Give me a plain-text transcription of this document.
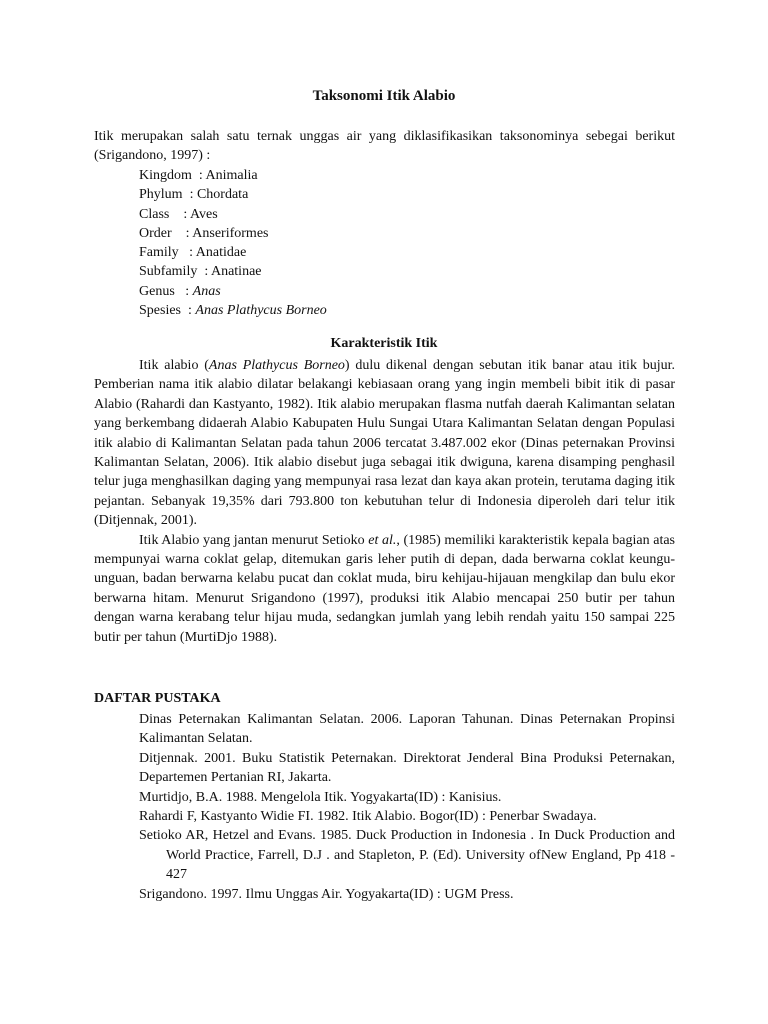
Taksonomi Itik Alabio
Itik merupakan salah satu ternak unggas air yang diklasifikasikan taksonominya sebegai berikut (Srigandono, 1997) :
Kingdom  : Animalia
Phylum  : Chordata
Class    : Aves
Order    : Anseriformes
Family   : Anatidae
Subfamily  : Anatinae
Genus   : Anas
Spesies  : Anas Plathycus Borneo
Karakteristik Itik

Itik alabio (Anas Plathycus Borneo) dulu dikenal dengan sebutan itik banar atau itik bujur. Pemberian nama itik alabio dilatar belakangi kebiasaan orang yang ingin membeli bibit itik di pasar Alabio (Rahardi dan Kastyanto, 1982). Itik alabio merupakan flasma nutfah daerah Kalimantan selatan yang berkembang didaerah Alabio Kabupaten Hulu Sungai Utara Kalimantan Selatan dengan Populasi itik alabio di Kalimantan Selatan pada tahun 2006 tercatat 3.487.002 ekor (Dinas peternakan Provinsi Kalimantan Selatan, 2006). Itik alabio disebut juga sebagai itik dwiguna, karena disamping penghasil telur juga menghasilkan daging yang mempunyai rasa lezat dan kaya akan protein, terutama daging itik pejantan. Sebanyak 19,35% dari 793.800 ton kebutuhan telur di Indonesia diperoleh dari telur itik (Ditjennak, 2001).

Itik Alabio yang jantan menurut Setioko et al., (1985) memiliki karakteristik kepala bagian atas mempunyai warna coklat gelap, ditemukan garis leher putih di depan, dada berwarna coklat keungu-unguan, badan berwarna kelabu pucat dan coklat muda, biru kehijau-hijauan mengkilap dan bulu ekor berwarna hitam. Menurut Srigandono (1997), produksi itik Alabio mencapai 250 butir per tahun dengan warna kerabang telur hijau muda, sedangkan jumlah yang lebih rendah yaitu 150 sampai 225 butir per tahun (MurtiDjo 1988).

DAFTAR PUSTAKA
Dinas Peternakan Kalimantan Selatan. 2006. Laporan Tahunan. Dinas Peternakan Propinsi Kalimantan Selatan.
Ditjennak. 2001. Buku Statistik Peternakan. Direktorat Jenderal Bina Produksi Peternakan, Departemen Pertanian RI, Jakarta.
Murtidjo, B.A. 1988. Mengelola Itik. Yogyakarta(ID) : Kanisius.
Rahardi F, Kastyanto Widie FI. 1982. Itik Alabio. Bogor(ID) : Penerbar Swadaya.
Setioko AR, Hetzel and Evans. 1985. Duck Production in Indonesia . In Duck Production and World Practice, Farrell, D.J . and Stapleton, P. (Ed). University ofNew England, Pp 418 - 427
Srigandono. 1997. Ilmu Unggas Air. Yogyakarta(ID) : UGM Press.
